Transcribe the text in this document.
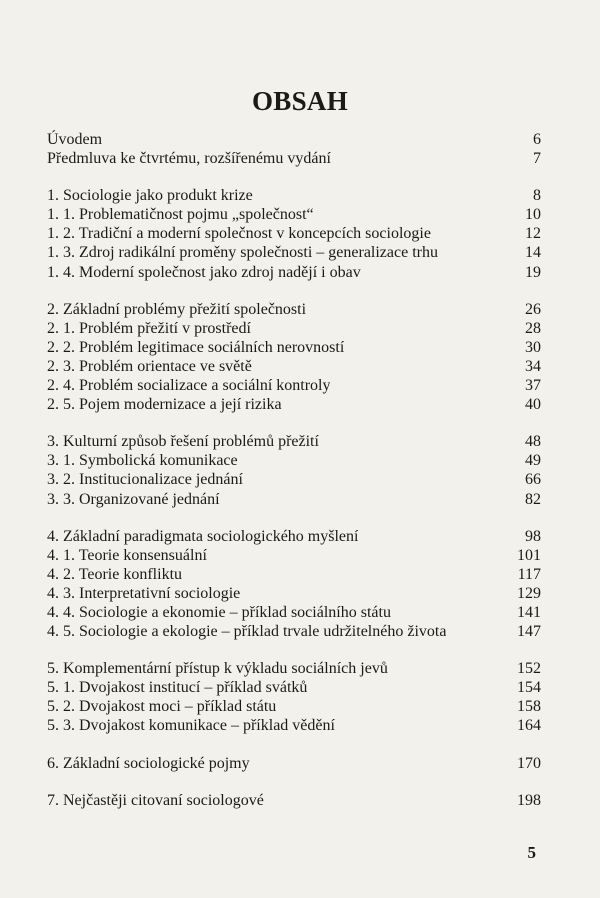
OBSAH
Úvodem	6
Předmluva ke čtvrtému, rozšířenému vydání	7
1. Sociologie jako produkt krize	8
1. 1. Problematičnost pojmu „společnost“	10
1. 2. Tradiční a moderní společnost v koncepcích sociologie	12
1. 3. Zdroj radikální proměny společnosti – generalizace trhu	14
1. 4. Moderní společnost jako zdroj nadějí i obav	19
2. Základní problémy přežití společnosti	26
2. 1. Problém přežití v prostředí	28
2. 2. Problém legitimace sociálních nerovností	30
2. 3. Problém orientace ve světě	34
2. 4. Problém socializace a sociální kontroly	37
2. 5. Pojem modernizace a její rizika	40
3. Kulturní způsob řešení problémů přežití	48
3. 1. Symbolická komunikace	49
3. 2. Institucionalizace jednání	66
3. 3. Organizované jednání	82
4. Základní paradigmata sociologického myšlení	98
4. 1. Teorie konsensuální	101
4. 2. Teorie konfliktu	117
4. 3. Interpretativní sociologie	129
4. 4. Sociologie a ekonomie – příklad sociálního státu	141
4. 5. Sociologie a ekologie – příklad trvale udržitelného života	147
5. Komplementární přístup k výkladu sociálních jevů	152
5. 1. Dvojakost institucí – příklad svátků	154
5. 2. Dvojakost moci – příklad státu	158
5. 3. Dvojakost komunikace – příklad vědění	164
6. Základní sociologické pojmy	170
7. Nejčastěji citovaní sociologové	198
5
